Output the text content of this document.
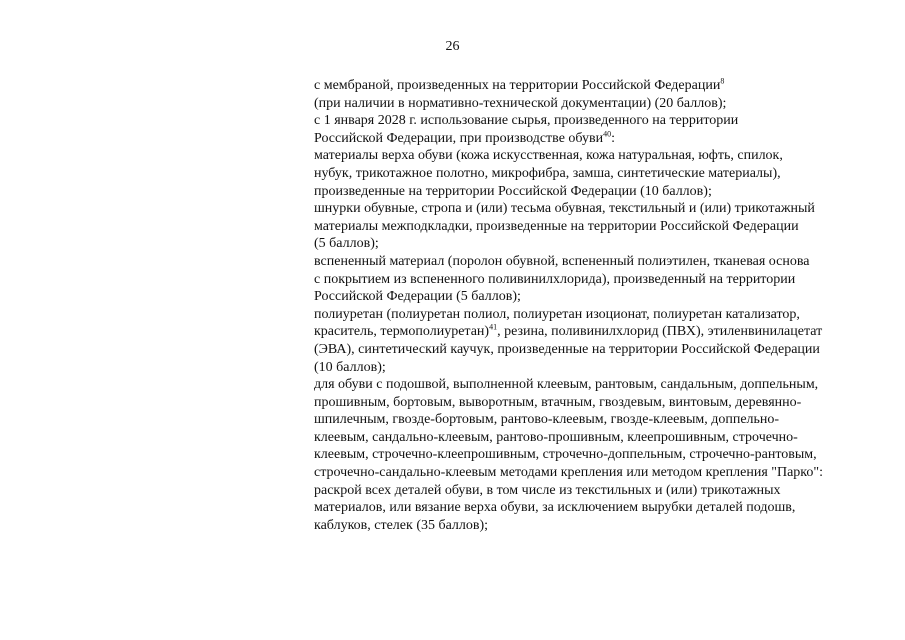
26
с мембраной, произведенных на территории Российской Федерации$^8$
(при наличии в нормативно-технической документации) (20 баллов);
с 1 января 2028 г. использование сырья, произведенного на территории
Российской Федерации, при производстве обуви$^{40}$:
материалы верха обуви (кожа искусственная, кожа натуральная, юфть, спилок,
нубук, трикотажное полотно, микрофибра, замша, синтетические материалы),
произведенные на территории Российской Федерации (10 баллов);
шнурки обувные, стропа и (или) тесьма обувная, текстильный и (или) трикотажный
материалы межподкладки, произведенные на территории Российской Федерации
(5 баллов);
вспененный материал (поролон обувной, вспененный полиэтилен, тканевая основа
с покрытием из вспененного поливинилхлорида), произведенный на территории
Российской Федерации (5 баллов);
полиуретан (полиуретан полиол, полиуретан изоционат, полиуретан катализатор,
краситель, термополиуретан)$^{41}$, резина, поливинилхлорид (ПВХ), этиленвинилацетат
(ЭВА), синтетический каучук, произведенные на территории Российской Федерации
(10 баллов);
для обуви с подошвой, выполненной клеевым, рантовым, сандальным, доппельным,
прошивным, бортовым, выворотным, втачным, гвоздевым, винтовым, деревянно-
шпилечным, гвоздe-бортовым, рантово-клеевым, гвоздe-клеевым, доппельно-
клеевым, сандально-клеевым, рантово-прошивным, клеепрошивным, строчечно-
клеевым, строчечно-клеепрошивным, строчечно-доппельным, строчечно-рантовым,
строчечно-сандально-клеевым методами крепления или методом крепления "Парко":
раскрой всех деталей обуви, в том числе из текстильных и (или) трикотажных
материалов, или вязание верха обуви, за исключением вырубки деталей подошв,
каблуков, стелек (35 баллов);
